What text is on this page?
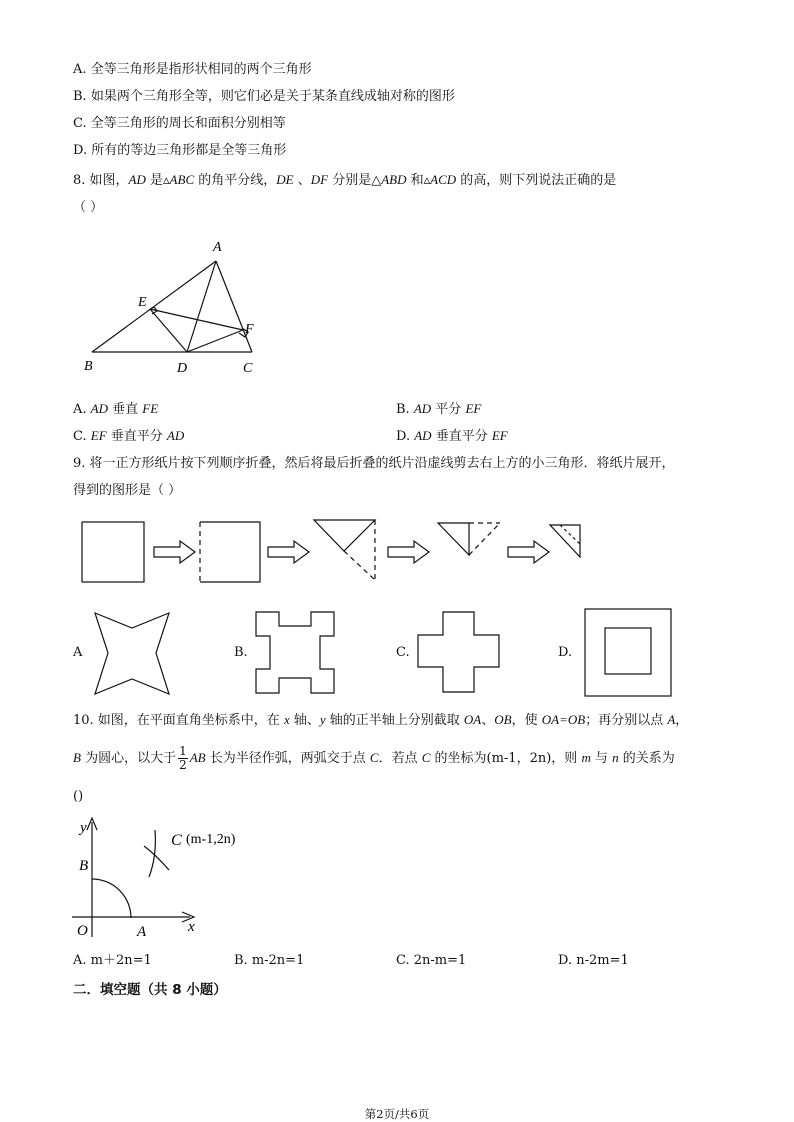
A. 全等三角形是指形状相同的两个三角形
B. 如果两个三角形全等，则它们必是关于某条直线成轴对称的图形
C. 全等三角形的周长和面积分别相等
D. 所有的等边三角形都是全等三角形
8. 如图，AD 是▵ABC 的角平分线，DE 、DF 分别是△ABD 和▵ACD 的高，则下列说法正确的是
（ ）
A
E
F
B	D	C
A. AD 垂直 FE	B. AD 平分 EF
C. EF 垂直平分 AD	D. AD 垂直平分 EF
9. 将一正方形纸片按下列顺序折叠，然后将最后折叠的纸片沿虚线剪去右上方的小三角形．将纸片展开，
得到的图形是（ ）
A	B.	C.	D.
10. 如图，在平面直角坐标系中，在 x 轴、y 轴的正半轴上分别截取 OA、OB，使 OA=OB；再分别以点 A，
B 为圆心，以大于 $\frac{1}{2}$ AB 长为半径作弧，两弧交于点 C．若点 C 的坐标为(m-1，2n)，则 m 与 n 的关系为
()
y
x
B
O	A
C (m-1,2n)
A. m＋2n=1	B. m-2n=1	C. 2n-m=1	D. n-2m=1
二．填空题（共 8 小题）
第2页/共6页
